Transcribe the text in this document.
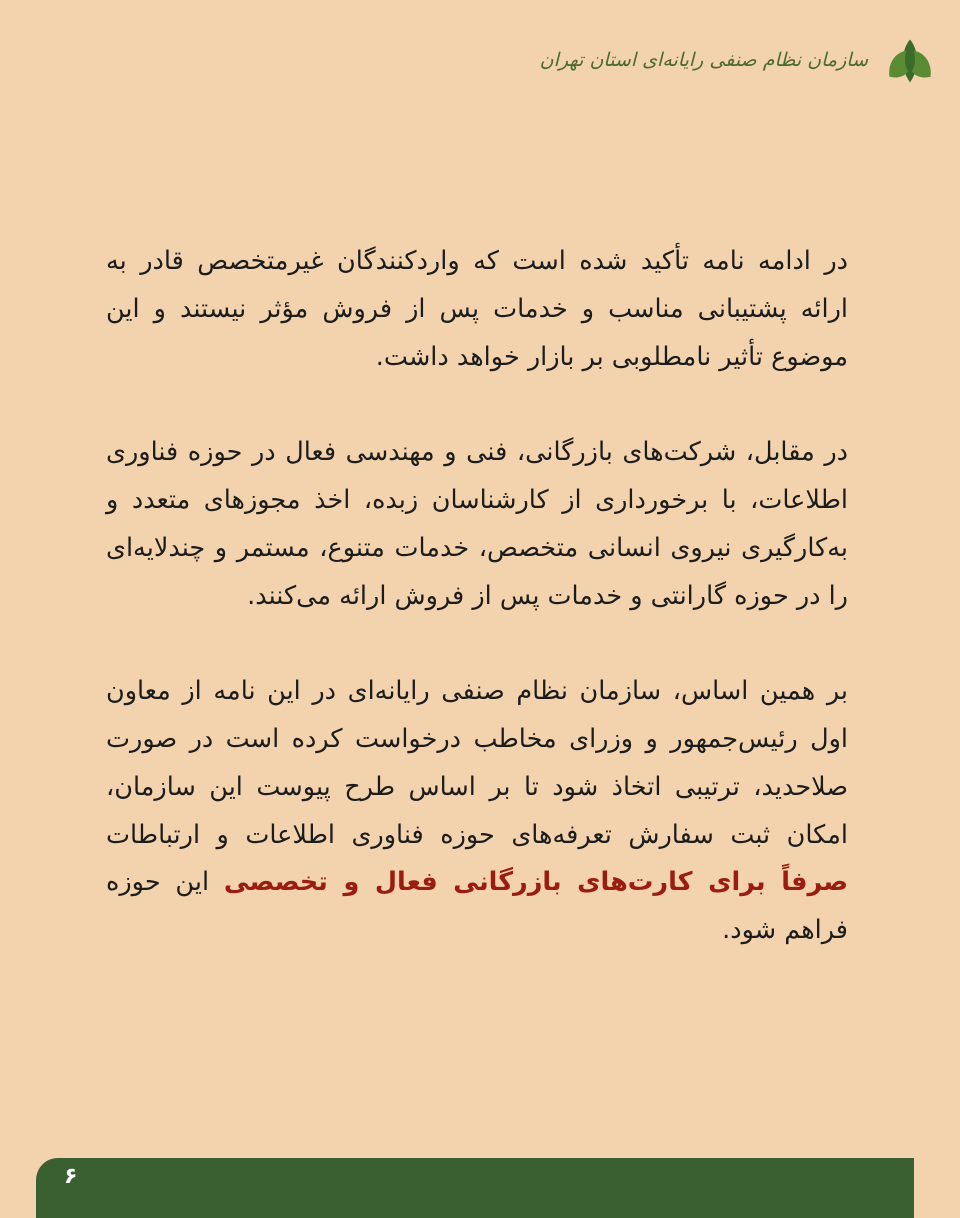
سازمان نظام صنفی رایانه‌ای استان تهران

در ادامه نامه تأکید شده است که واردکنندگان غیرمتخصص قادر به ارائه پشتیبانی مناسب و خدمات پس از فروش مؤثر نیستند و این موضوع تأثیر نامطلوبی بر بازار خواهد داشت.

در مقابل، شرکت‌های بازرگانی، فنی و مهندسی فعال در حوزه فناوری اطلاعات، با برخورداری از کارشناسان زبده، اخذ مجوزهای متعدد و به‌کارگیری نیروی انسانی متخصص، خدمات متنوع، مستمر و چندلایه‌ای را در حوزه گارانتی و خدمات پس از فروش ارائه می‌کنند.

بر همین اساس، سازمان نظام صنفی رایانه‌ای در این نامه از معاون اول رئیس‌جمهور و وزرای مخاطب درخواست کرده است در صورت صلاحدید، ترتیبی اتخاذ شود تا بر اساس طرح پیوست این سازمان، امکان ثبت سفارش تعرفه‌های حوزه فناوری اطلاعات و ارتباطات صرفاً برای کارت‌های بازرگانی فعال و تخصصی این حوزه فراهم شود.

۶
